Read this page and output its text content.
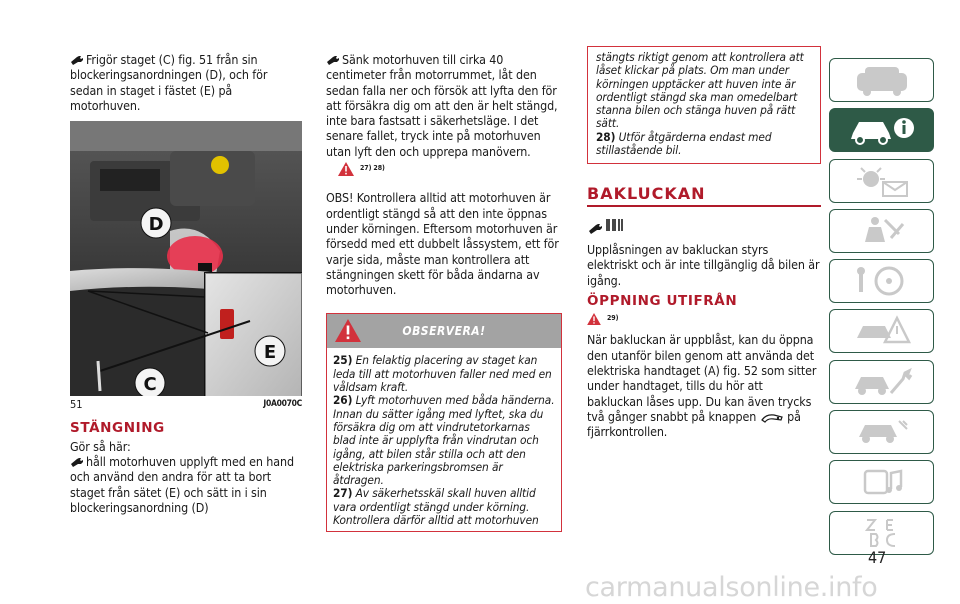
Frigör staget (C) fig. 51 från sin blockeringsanordningen (D), och för sedan in staget i fästet (E) på motorhuven.
D
E
C
51	J0A0070C
STÄNGNING
Gör så här:
håll motorhuven upplyft med en hand och använd den andra för att ta bort staget från sätet (E) och sätt in i sin blockeringsanordning (D)
Sänk motorhuven till cirka 40 centimeter från motorrummet, låt den sedan falla ner och försök att lyfta den för att försäkra dig om att den är helt stängd, inte bara fastsatt i säkerhetsläge. I det senare fallet, tryck inte på motorhuven utan lyft den och upprepa manövern.
27) 28)
OBS! Kontrollera alltid att motorhuven är ordentligt stängd så att den inte öppnas under körningen. Eftersom motorhuven är försedd med ett dubbelt låssystem, ett för varje sida, måste man kontrollera att stängningen skett för båda ändarna av motorhuven.
OBSERVERA!
25) En felaktig placering av staget kan leda till att motorhuven faller ned med en våldsam kraft.
26) Lyft motorhuven med båda händerna. Innan du sätter igång med lyftet, ska du försäkra dig om att vindrutetorkarnas blad inte är upplyfta från vindrutan och igång, att bilen står stilla och att den elektriska parkeringsbromsen är åtdragen.
27) Av säkerhetsskäl skall huven alltid vara ordentligt stängd under körning. Kontrollera därför alltid att motorhuven
stängts riktigt genom att kontrollera att låset klickar på plats. Om man under körningen upptäcker att huven inte är ordentligt stängd ska man omedelbart stanna bilen och stänga huven på rätt sätt.
28) Utför åtgärderna endast med stillastående bil.
BAKLUCKAN
Upplåsningen av bakluckan styrs elektriskt och är inte tillgänglig då bilen är igång.
ÖPPNING UTIFRÅN
29)
När bakluckan är uppblåst, kan du öppna den utanför bilen genom att använda det elektriska handtaget (A) fig. 52 som sitter under handtaget, tills du hör att bakluckan låses upp. Du kan även trycks två gånger snabbt på knappen på fjärrkontrollen.
47
carmanualsonline.info
